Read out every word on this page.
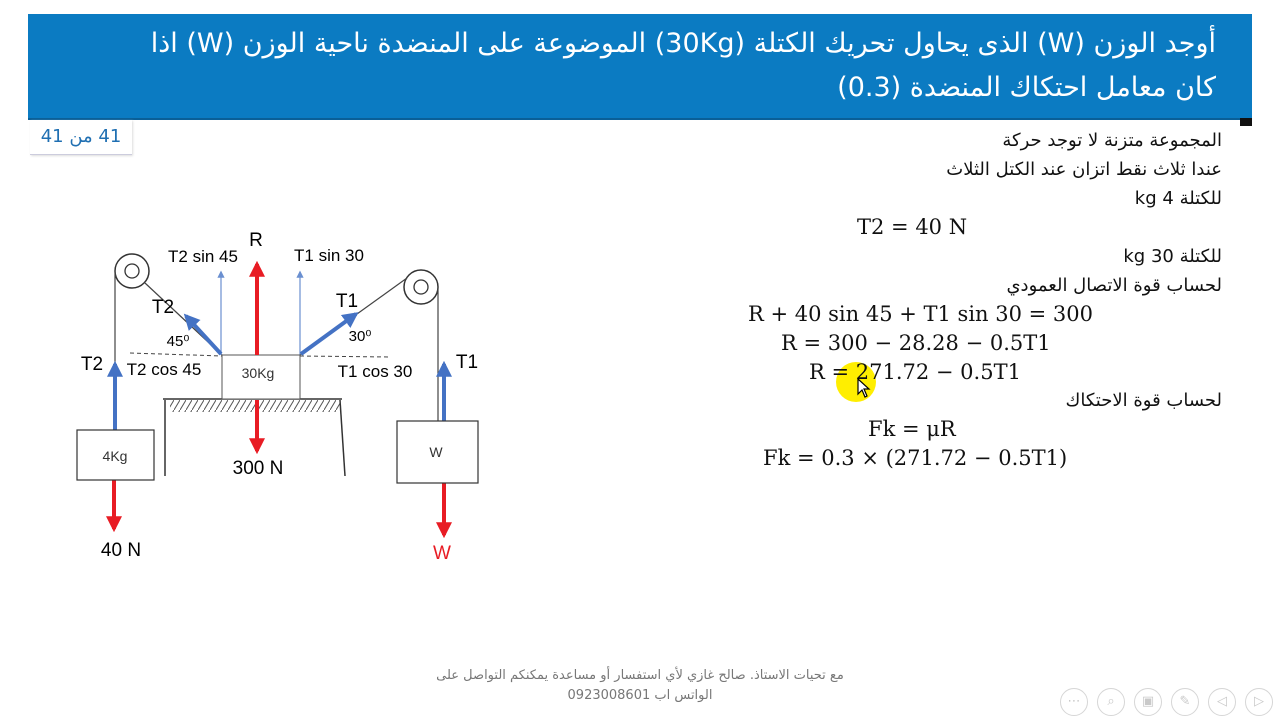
أوجد الوزن (W) الذى يحاول تحريك الكتلة (30Kg) الموضوعة على المنضدة ناحية الوزن (W) اذا
كان معامل احتكاك المنضدة (0.3)
41 من 41
30Kg
4Kg	W
R
T2 sin 45	T1 sin 30
T2	T1
45⁰	30⁰
T2 cos 45	T1 cos 30
T2	T1
300 N
40 N	W
المجموعة متزنة لا توجد حركة
عندا ثلاث نقط اتزان عند الكتل الثلاث
للكتلة 4 kg
T2 = 40 N
للكتلة 30 kg
لحساب قوة الاتصال العمودي
R + 40 sin 45 + T1 sin 30 = 300
R = 300 − 28.28 − 0.5T1
R = 271.72 − 0.5T1
لحساب قوة الاحتكاك
Fk = μR
Fk = 0.3 × (271.72 − 0.5T1)
مع تحيات الاستاذ. صالح غازي لأي استفسار أو مساعدة يمكنكم التواصل على
الواتس اب 0923008601	⋯	⌕	▣	✎	◁	▷
